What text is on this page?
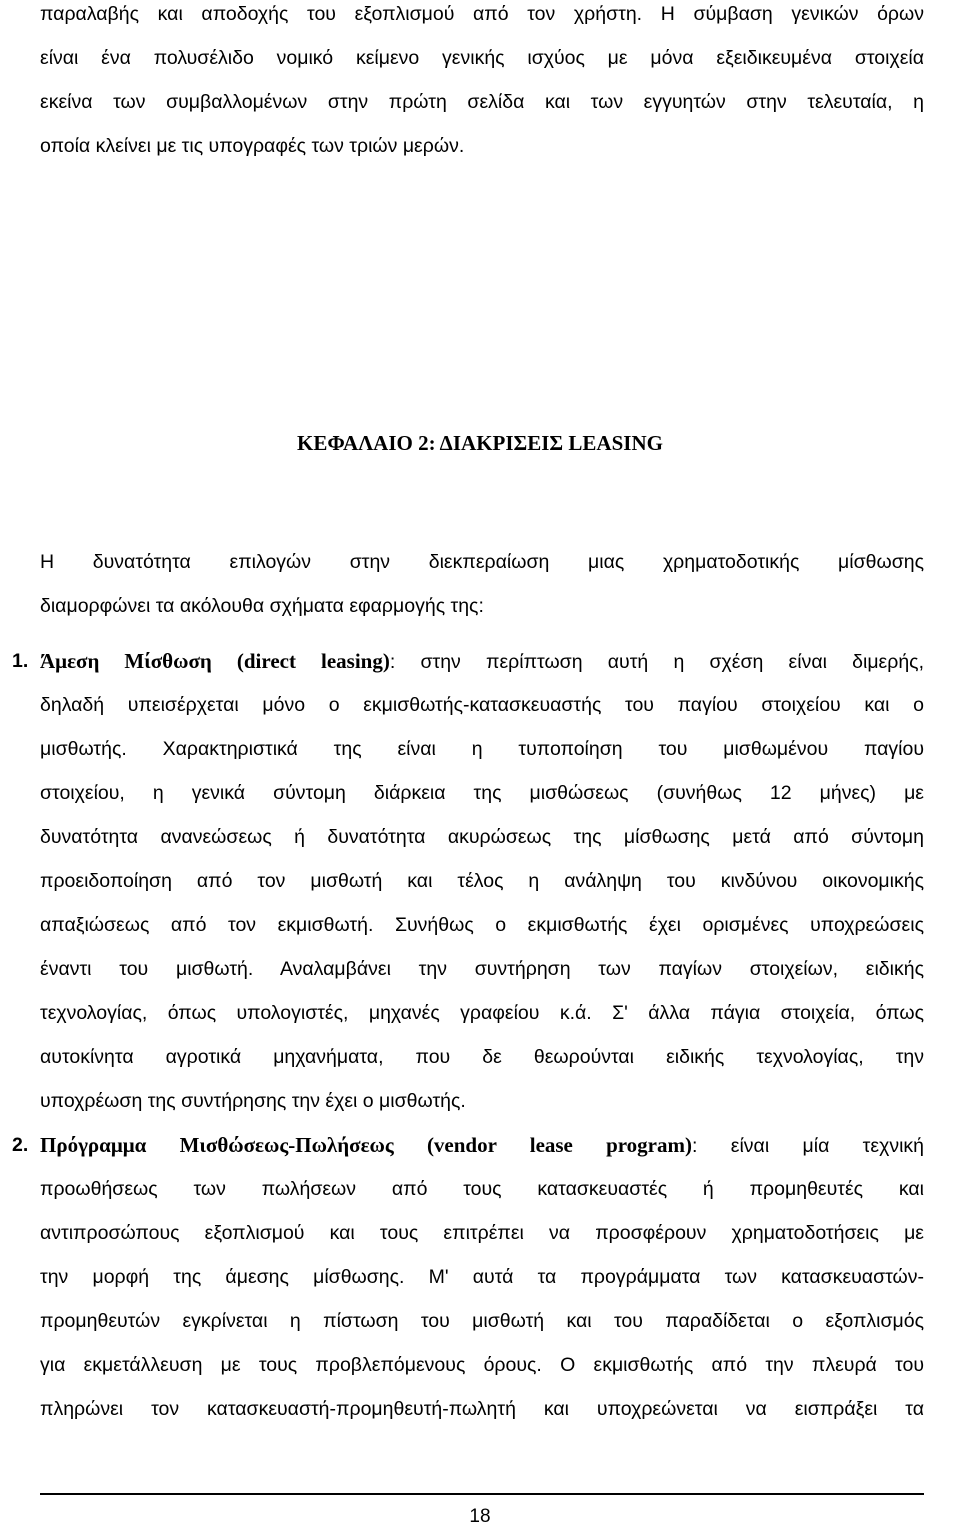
παραλαβής και αποδοχής του εξοπλισμού από τον χρήστη. Η σύμβαση γενικών όρων
είναι ένα πολυσέλιδο νομικό κείμενο γενικής ισχύος με μόνα εξειδικευμένα στοιχεία
εκείνα των συμβαλλομένων στην πρώτη σελίδα και των εγγυητών στην τελευταία, η
οποία κλείνει με τις υπογραφές των τριών μερών.
ΚΕΦΑΛΑΙΟ 2: ΔΙΑΚΡΙΣΕΙΣ LEASING
Η δυνατότητα επιλογών στην διεκπεραίωση μιας χρηματοδοτικής μίσθωσης
διαμορφώνει τα ακόλουθα σχήματα εφαρμογής της:
1. Άμεση Μίσθωση (direct leasing): στην περίπτωση αυτή η σχέση είναι διμερής,
δηλαδή υπεισέρχεται μόνο ο εκμισθωτής-κατασκευαστής του παγίου στοιχείου και ο
μισθωτής. Χαρακτηριστικά της είναι η τυποποίηση του μισθωμένου παγίου
στοιχείου, η γενικά σύντομη διάρκεια της μισθώσεως (συνήθως 12 μήνες) με
δυνατότητα ανανεώσεως ή δυνατότητα ακυρώσεως της μίσθωσης μετά από σύντομη
προειδοποίηση από τον μισθωτή και τέλος η ανάληψη του κινδύνου οικονομικής
απαξιώσεως από τον εκμισθωτή. Συνήθως ο εκμισθωτής έχει ορισμένες υποχρεώσεις
έναντι του μισθωτή. Αναλαμβάνει την συντήρηση των παγίων στοιχείων, ειδικής
τεχνολογίας, όπως υπολογιστές, μηχανές γραφείου κ.ά. Σ' άλλα πάγια στοιχεία, όπως
αυτοκίνητα αγροτικά μηχανήματα, που δε θεωρούνται ειδικής τεχνολογίας, την
υποχρέωση της συντήρησης την έχει ο μισθωτής.
2. Πρόγραμμα Μισθώσεως-Πωλήσεως (vendor lease program): είναι μία τεχνική
προωθήσεως των πωλήσεων από τους κατασκευαστές ή προμηθευτές και
αντιπροσώπους εξοπλισμού και τους επιτρέπει να προσφέρουν χρηματοδοτήσεις με
την μορφή της άμεσης μίσθωσης. Μ' αυτά τα προγράμματα των κατασκευαστών-
προμηθευτών εγκρίνεται η πίστωση του μισθωτή και του παραδίδεται ο εξοπλισμός
για εκμετάλλευση με τους προβλεπόμενους όρους. Ο εκμισθωτής από την πλευρά του
πληρώνει τον κατασκευαστή-προμηθευτή-πωλητή και υποχρεώνεται να εισπράξει τα
18
